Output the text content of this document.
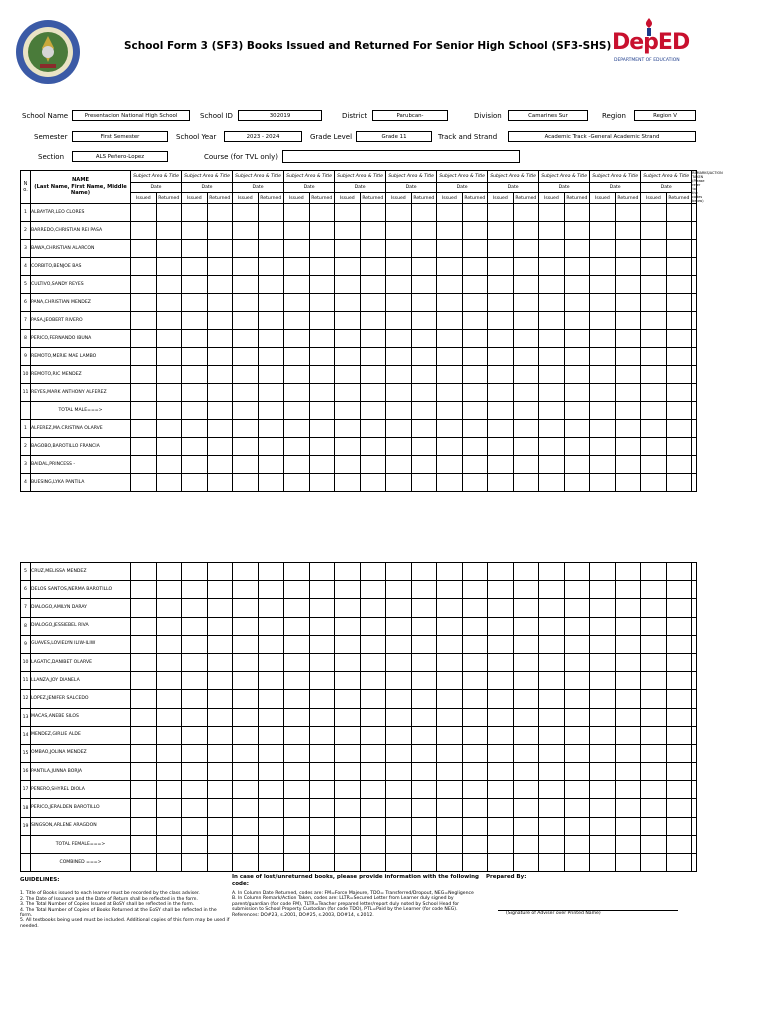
School Form 3 (SF3) Books Issued and Returned For Senior High School (SF3-SHS) DepED
DEPARTMENT OF EDUCATION
School Name	Presentacion National High School	School ID	302019	District	Parubcan-	Division	Camarines Sur	Region	Region V
Semester	First Semester	School Year	2023 - 2024	Grade Level	Grade 11	Track and Strand	Academic Track -General Academic Strand
Section	ALS Peñero-Lopez	Course (for TVL only)
N o.	NAME
(Last Name, First Name, Middle Name)	Subject Area & Title		Subject Area & Title		Subject Area & Title		Subject Area & Title		Subject Area & Title		Subject Area & Title		Subject Area & Title		Subject Area & Title		Subject Area & Title		Subject Area & Title		Subject Area & Title		REMARKS/ACTION TAKEN (Please refer to the codes below)
		Date		Date		Date		Date		Date		Date		Date		Date		Date		Date		Date		
		Issued	Returned	Issued	Returned	Issued	Returned	Issued	Returned	Issued	Returned	Issued	Returned	Issued	Returned	Issued	Returned	Issued	Returned	Issued	Returned	Issued	Returned	
1	ALBAYTAR,LEO CLORES																							
2	BARREDO,CHRISTIAN REI PASA																							
3	BAWA,CHRISTIAN ALARCON																							
4	CORBITO,BENJOE BAS																							
5	CULTIVO,SANDY REYES																							
6	PANA,CHRISTIAN MENDEZ																							
7	PASA,JEOBERT RIVERO																							
8	PERICO,FERNANDO IBUNA																							
9	REMOTO,MERIE MAE LAMBO																							
10	REMOTO,RIC MENDEZ																							
11	REYES,MARK ANTHONY ALFEREZ																							
	TOTAL MALE===>																							
1	ALFEREZ,MA.CRISTINA OLARVE																							
2	BAGOBO,BAROTILLO FRANCIA																							
3	BAIDAL,PRINCESS -																							
4	BUESING,LYKA PANTILA																							
5	CRUZ,MELISSA MENDEZ																							
6	DELOS SANTOS,NERMA BAROTILLO																							
7	DIALOGO,AMILYN DARAY																							
8	DIALOGO,JESSIEBEL RIVA																							
9	GUAVES,LOVIELYN ILIW-ILIW																							
10	LAGATIC,DANIBET OLARVE																							
11	LLANZA,JOY DIANELA																							
12	LOPEZ,JENIFER SALCEDO																							
13	MACAS,ANEBE SILOS																							
14	MENDEZ,GIRLIE ALDE																							
15	OMBAO,JOLINA MENDEZ																							
16	PANTILA,JUNNA BORJA																							
17	PEÑERO,SHYREL DIOLA																							
18	PERICO,JERALDEN BAROTILLO																							
19	SINGSON,ARLENE ARAGDON																							
	TOTAL FEMALE===>																							
	COMBINED ===>																							
GUIDELINES:
1. Title of Books issued to each learner must be recorded by the class adviser.
2. The Date of Issuance and the Date of Return shall be reflected in the form.
3. The Total Number of Copies Issued at BoSY shall be reflected in the form.
4. The Total Number of Copies of Books Returned at the EoSY shall be reflected in the form.
5. All textbooks being used must be included. Additional copies of this form may be used if needed.
In case of lost/unreturned books, please provide information with the following code:
A. In Column Date Returned, codes are: FM=Force Majeure, TDO= Transferred/Dropout, NEG=Negligence
B. In Column Remark/Action Taken, codes are: LLTR=Secured Letter from Learner duly signed by parent/guardian (for code FM), TLTR=Teacher prepared letter/report duly noted by School Head for submission to School Property Custodian (for code TDO), PTL=Paid by the Learner (for code NEG). References: DO#23, s.2001, DO#25, s.2003, DO#14, s.2012.
Prepared By:
(Signature of Adviser over Printed Name)
